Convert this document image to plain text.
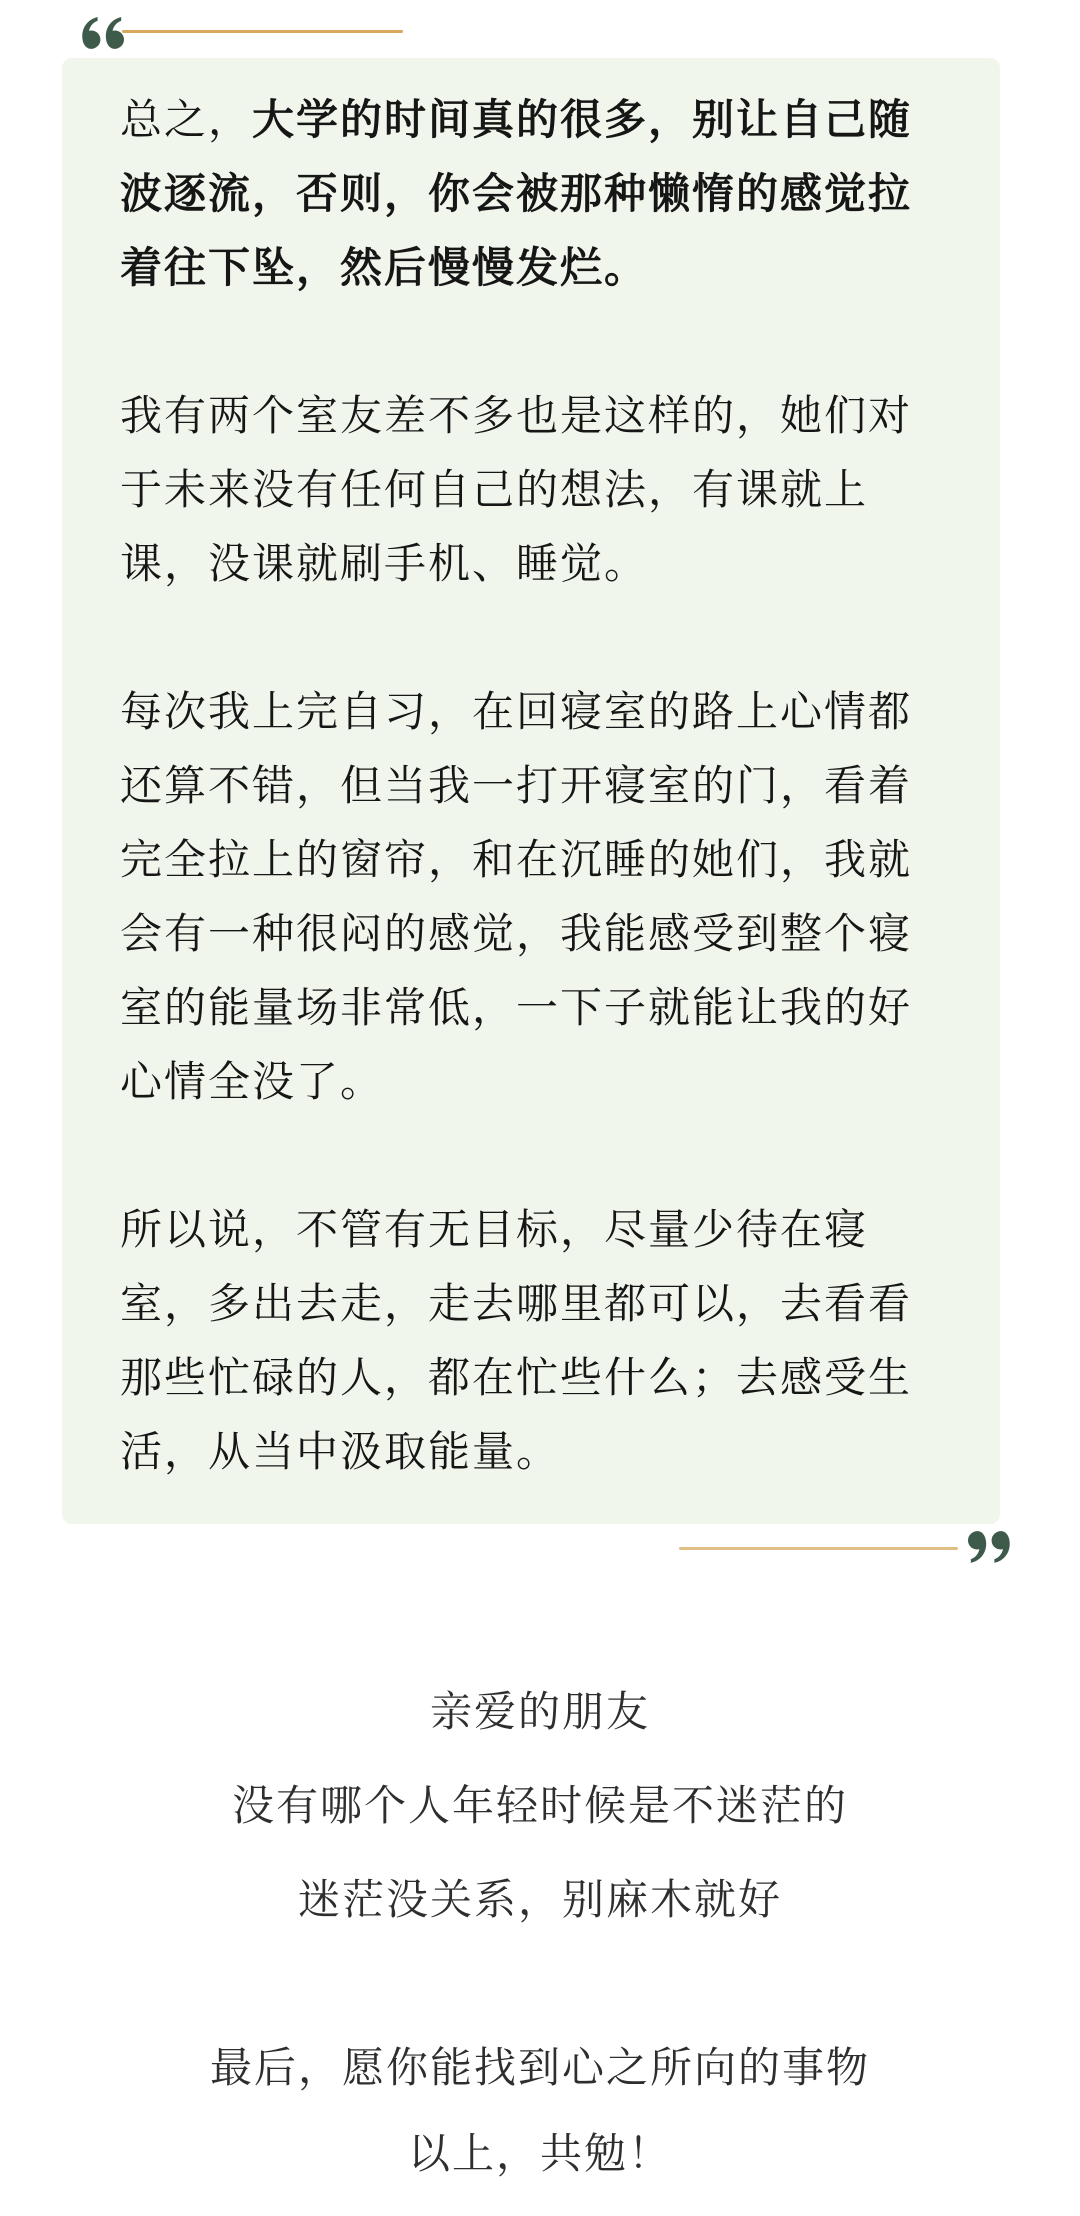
总之，大学的时间真的很多，别让自己随波逐流，否则，你会被那种懒惰的感觉拉着往下坠，然后慢慢发烂。

我有两个室友差不多也是这样的，她们对于未来没有任何自己的想法，有课就上课，没课就刷手机、睡觉。

每次我上完自习，在回寝室的路上心情都还算不错，但当我一打开寝室的门，看着完全拉上的窗帘，和在沉睡的她们，我就会有一种很闷的感觉，我能感受到整个寝室的能量场非常低，一下子就能让我的好心情全没了。

所以说，不管有无目标，尽量少待在寝室，多出去走，走去哪里都可以，去看看那些忙碌的人，都在忙些什么；去感受生活，从当中汲取能量。

亲爱的朋友

没有哪个人年轻时候是不迷茫的

迷茫没关系，别麻木就好

最后，愿你能找到心之所向的事物

以上，共勉！
